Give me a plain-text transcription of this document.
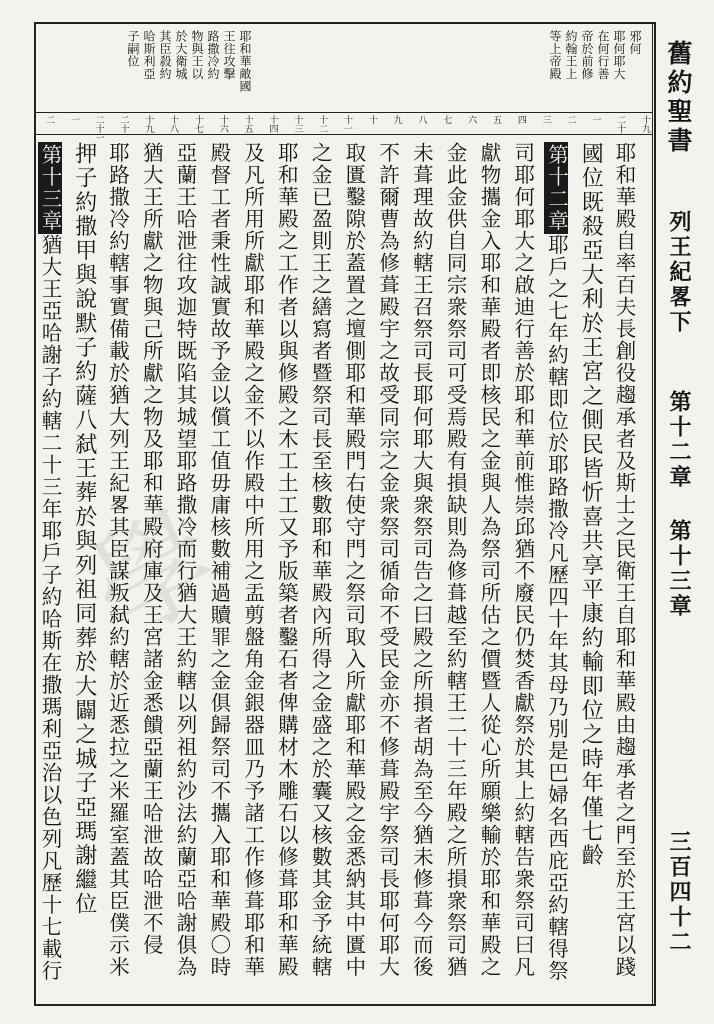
舊約聖書
列王紀畧下
第十二章 第十三章
三百四十二
邪何
耶何耶大
在何行善
帝於前修
約翰王上
等上帝殿
耶和華敵國
王往攻擊
路撒冷約
物與王以
於大衛城
其臣殺約
哈斯利亞
子嗣位
十九
二十
一
二
三
四
五
六
七
八
九
十
十一
十二
十三
十四
十五
十六
十七
十八
十九
二十
二十一
一
二
耶和華殿自率百夫長創役趨承者及斯士之民衛王自耶和華殿由趨承者之門至於王宮以踐
國位既殺亞大利於王宮之側民皆忻喜共享平康約輸即位之時年僅七齡
第十二章耶戶之七年約轄即位於耶路撒冷凡歷四十年其母乃別是巴婦名西庇亞約轄得祭
司耶何耶大之啟迪行善於耶和華前惟崇邱猶不廢民仍焚香獻祭於其上約轄告衆祭司曰凡
獻物攜金入耶和華殿者即核民之金與人為祭司所估之價暨人從心所願樂輸於耶和華殿之
金此金供自同宗衆祭司可受焉殿有損缺則為修葺越至約轄王二十三年殿之所損衆祭司猶
未葺理故約轄王召祭司長耶何耶大與衆祭司告之曰殿之所損者胡為至今猶未修葺今而後
不許爾曹為修葺殿宇之故受同宗之金衆祭司循命不受民金亦不修葺殿宇祭司長耶何耶大
取匱鑿隙於蓋置之壇側耶和華殿門右使守門之祭司取入所獻耶和華殿之金悉納其中匱中
之金已盈則王之繕寫者暨祭司長至核數耶和華殿內所得之金盛之於囊又核數其金予統轄
耶和華殿之工作者以與修殿之木工土工又予版築者鑿石者俾購材木雕石以修葺耶和華殿
及凡所用所獻耶和華殿之金不以作殿中所用之盂剪盤角金銀器皿乃予諸工作修葺耶和華
殿督工者秉性誠實故予金以償工值毋庸核數補過贖罪之金俱歸祭司不攜入耶和華殿〇時
亞蘭王哈泄往攻迦特既陷其城望耶路撒冷而行猶大王約轄以列祖約沙法約蘭亞哈謝俱為
猶大王所獻之物與己所獻之物及耶和華殿府庫及王宮諸金悉饋亞蘭王哈泄故哈泄不侵
耶路撒冷約轄事實備載於猶大列王紀畧其臣謀叛弑約轄於近悉拉之米羅室蓋其臣僕示米
押子約撒甲與說默子約薩八弑王葬於與列祖同葬於大闢之城子亞瑪謝繼位
第十三章猶大王亞哈謝子約轄二十三年耶戶子約哈斯在撒瑪利亞治以色列凡歷十七載行 學
